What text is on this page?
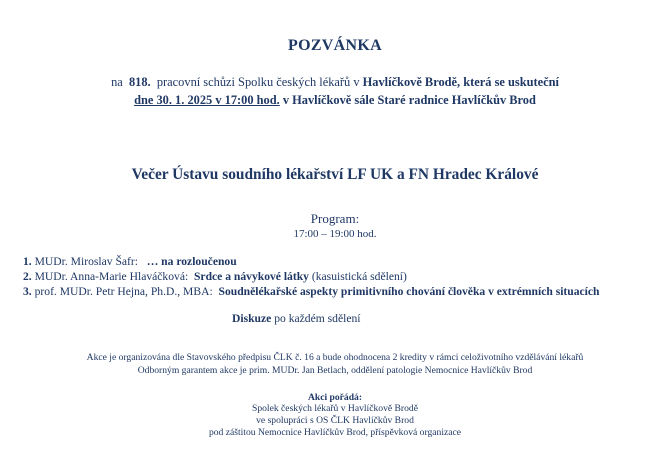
POZVÁNKA
na 818. pracovní schůzi Spolku českých lékařů v Havlíčkově Brodě, která se uskuteční
dne 30. 1. 2025 v 17:00 hod. v Havlíčkově sále Staré radnice Havlíčkův Brod
Večer Ústavu soudního lékařství LF UK a FN Hradec Králové
Program:
17:00 – 19:00 hod.
1. MUDr. Miroslav Šafr: … na rozloučenou
2. MUDr. Anna-Marie Hlaváčková: Srdce a návykové látky (kasuistická sdělení)
3. prof. MUDr. Petr Hejna, Ph.D., MBA: Soudnělékařské aspekty primitivního chování člověka v extrémních situacích
Diskuze po každém sdělení
Akce je organizována dle Stavovského předpisu ČLK č. 16 a bude ohodnocena 2 kredity v rámci celoživotního vzdělávání lékařů
Odborným garantem akce je prim. MUDr. Jan Betlach, oddělení patologie Nemocnice Havlíčkův Brod
Akci pořádá:
Spolek českých lékařů v Havlíčkově Brodě
ve spolupráci s OS ČLK Havlíčkův Brod
pod záštitou Nemocnice Havlíčkův Brod, příspěvková organizace
